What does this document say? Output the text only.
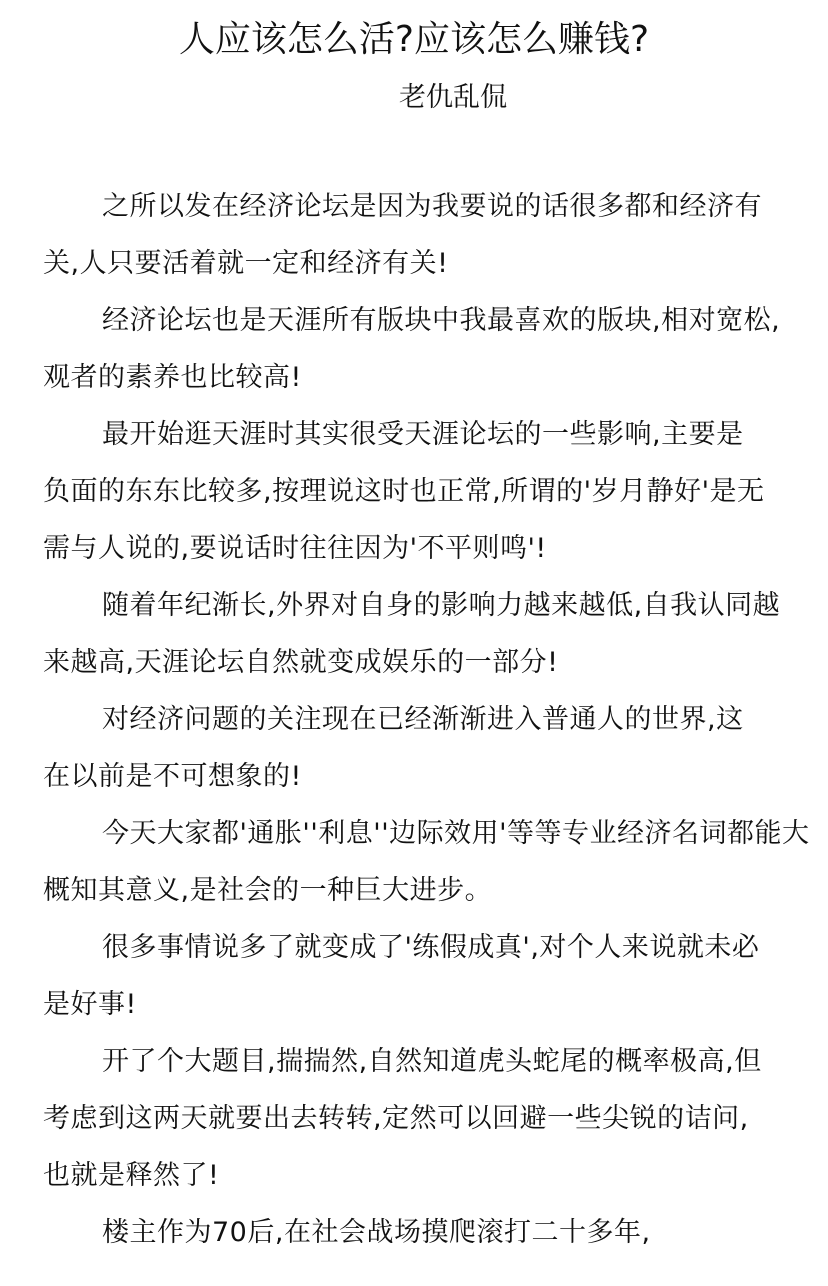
人应该怎么活?应该怎么赚钱?
老仇乱侃
之所以发在经济论坛是因为我要说的话很多都和经济有
关,人只要活着就一定和经济有关!
经济论坛也是天涯所有版块中我最喜欢的版块,相对宽松,
观者的素养也比较高!
最开始逛天涯时其实很受天涯论坛的一些影响,主要是
负面的东东比较多,按理说这时也正常,所谓的'岁月静好'是无
需与人说的,要说话时往往因为'不平则鸣'!
随着年纪渐长,外界对自身的影响力越来越低,自我认同越
来越高,天涯论坛自然就变成娱乐的一部分!
对经济问题的关注现在已经渐渐进入普通人的世界,这
在以前是不可想象的!
今天大家都'通胀''利息''边际效用'等等专业经济名词都能大
概知其意义,是社会的一种巨大进步。
很多事情说多了就变成了'练假成真',对个人来说就未必
是好事!
开了个大题目,揣揣然,自然知道虎头蛇尾的概率极高,但
考虑到这两天就要出去转转,定然可以回避一些尖锐的诘问,
也就是释然了!
楼主作为70后,在社会战场摸爬滚打二十多年,
